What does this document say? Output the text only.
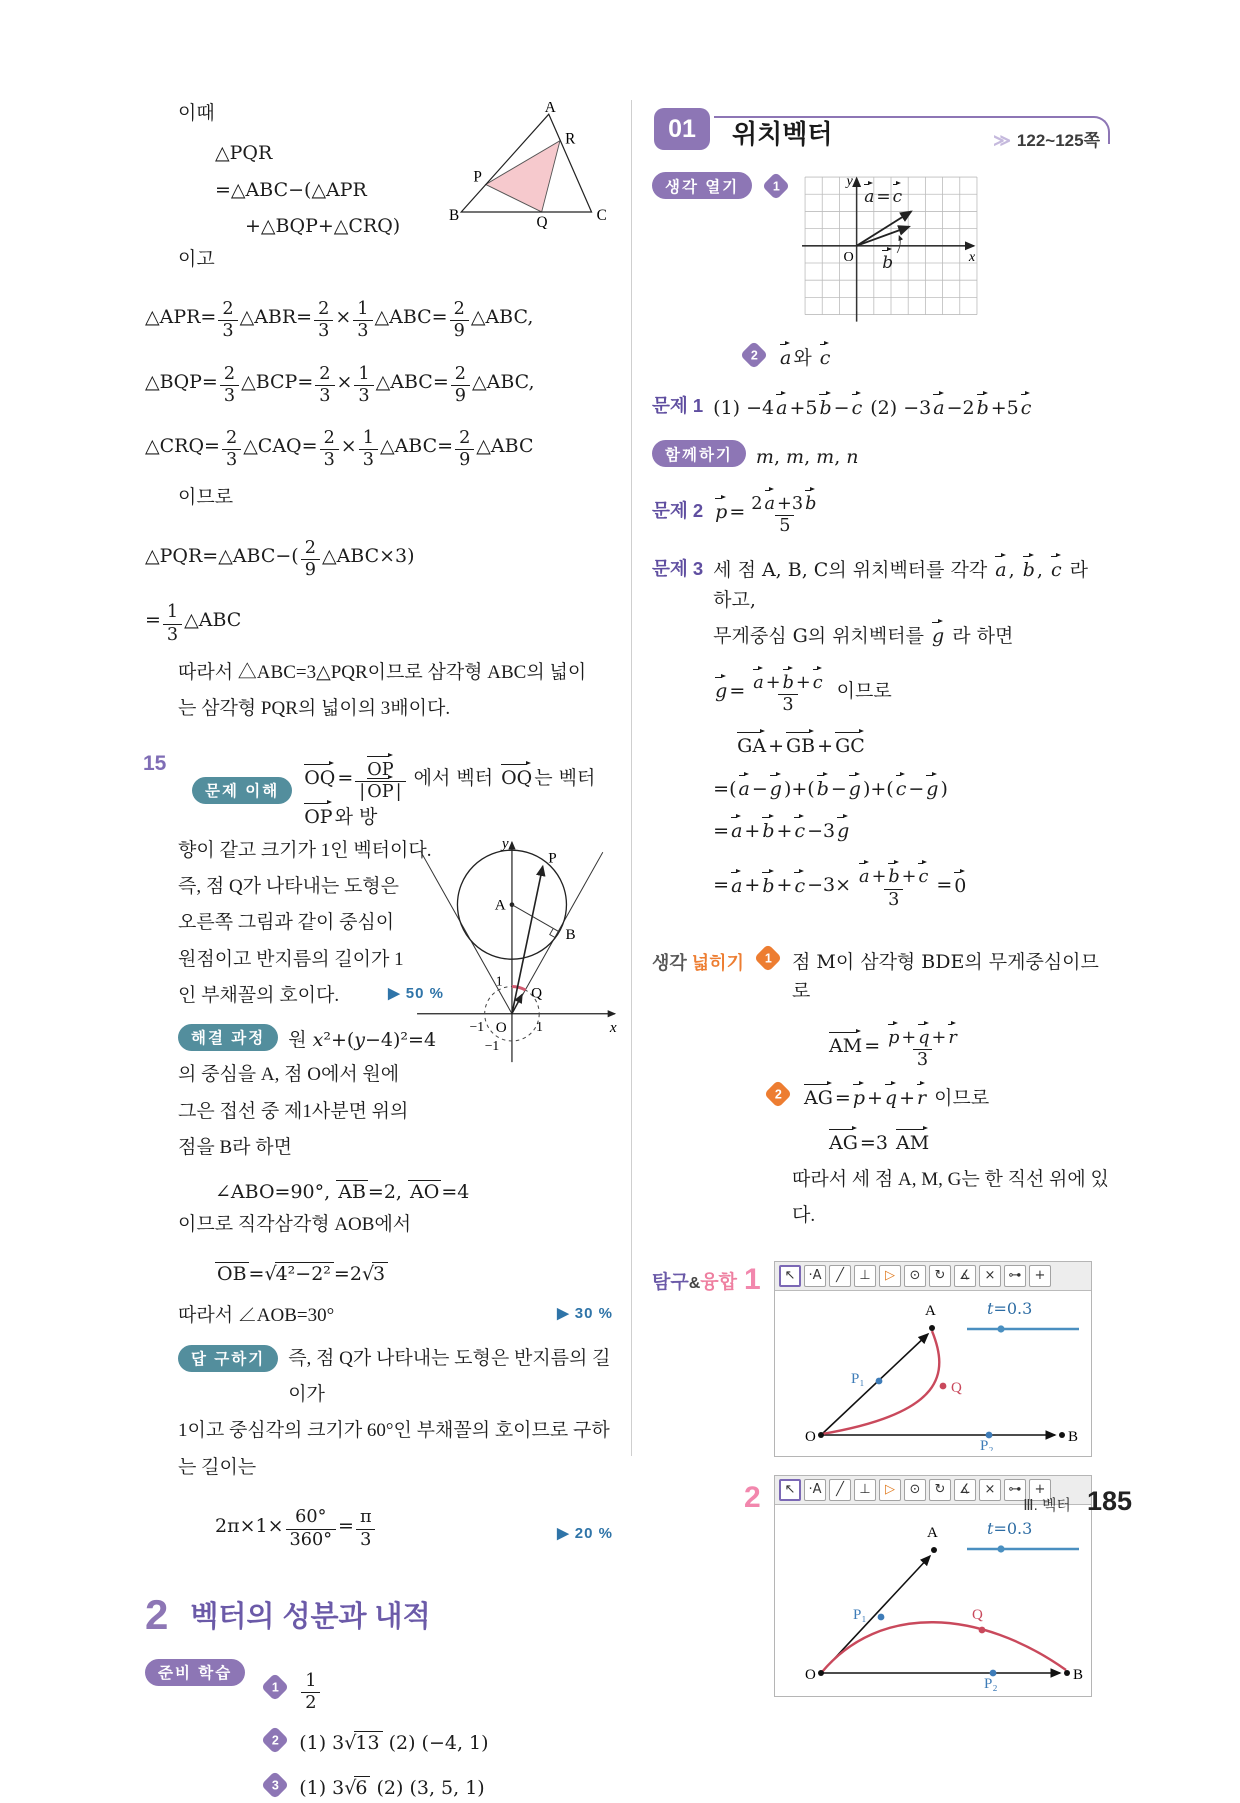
A
B	C
P
Q
R
이때
△PQR
=△ABC−(△APR
+△BQP+△CRQ)
이고
△APR= $\frac{2}{3}$ △ABR= $\frac{2}{3} \times \frac{1}{3}$ △ABC= $\frac{2}{9}$ △ABC,
△BQP= $\frac{2}{3}$ △BCP= $\frac{2}{3} \times \frac{1}{3}$ △ABC= $\frac{2}{9}$ △ABC,
△CRQ= $\frac{2}{3}$ △CAQ= $\frac{2}{3} \times \frac{1}{3}$ △ABC= $\frac{2}{9}$ △ABC
이므로
△PQR=△ABC−( $\frac{2}{9}$ △ABC×3)
= $\frac{1}{3}$ △ABC
따라서 △ABC=3△PQR이므로 삼각형 ABC의 넓이
는 삼각형 PQR의 넓이의 3배이다.
15
y
x
O
A
B
P
Q
1
1
−1
−1
문제 이해
OQ = $\frac{OP}{| OP |}$ 에서 벡터 OQ 는 벡터 OP 와 방
향이 같고 크기가 1인 벡터이다.
즉, 점 Q가 나타내는 도형은
오른쪽 그림과 같이 중심이
원점이고 반지름의 길이가 1
인 부채꼴의 호이다.	▶ 50 %
해결 과정	원 x²+(y−4)²=4
의 중심을 A, 점 O에서 원에
그은 접선 중 제1사분면 위의
점을 B라 하면
∠ABO=90°, AB =2, AO =4
이므로 직각삼각형 AOB에서
OB =√4²−2² =2√3
따라서 ∠AOB=30°	▶ 30 %
답 구하기	즉, 점 Q가 나타내는 도형은 반지름의 길이가
1이고 중심각의 크기가 60°인 부채꼴의 호이므로 구하
는 길이는
$2\pi\times 1\times \frac{60^\circ}{360^\circ} = \frac{\pi}{3}$	▶ 20 %
2 벡터의 성분과 내적
준비 학습
$1 \frac{1}{2}$
2 (1) 3√13 (2) (−4, 1)
3 (1) 3√6 (2) (3, 5, 1)
01	위치벡터	≫ 122~125쪽
생각 열기	1	y
x
O
a = c
b
2 a 와 c
문제 1 (1) −4 a +5 b − c (2) −3 a −2 b +5 c
함께하기	m, m, m, n
문제 2 $p = \frac{2 a +3 b}{5}$
문제 3 세 점 A, B, C의 위치벡터를 각각 a , b , c 라 하고,
무게중심 G의 위치벡터를 g 라 하면
$g = \frac{a + b + c}{3}$ 이므로
GA + GB + GC
=( a − g )+( b − g )+( c − g )
= a + b + c −3 g
= $a + b + c -3\times \frac{a + b + c}{3} = 0$
생각 넓히기 1 점 M이 삼각형 BDE의 무게중심이므로
AM = $\frac{p + q + r}{3}$
2 AG = p + q + r 이므로
AG =3 AM
따라서 세 점 A, M, G는 한 직선 위에 있다.
탐구&융합 1	↖	·A	╱	⊥	▷	⊙	↻	∡	×	⊶	+
O
A
B
P₁
P₂
Q
t=0.3
2	↖	·A	╱	⊥	▷	⊙	↻	∡	×	⊶	+
O
A
B
P₁
P₂
Q
t=0.3
Ⅲ. 벡터 185
